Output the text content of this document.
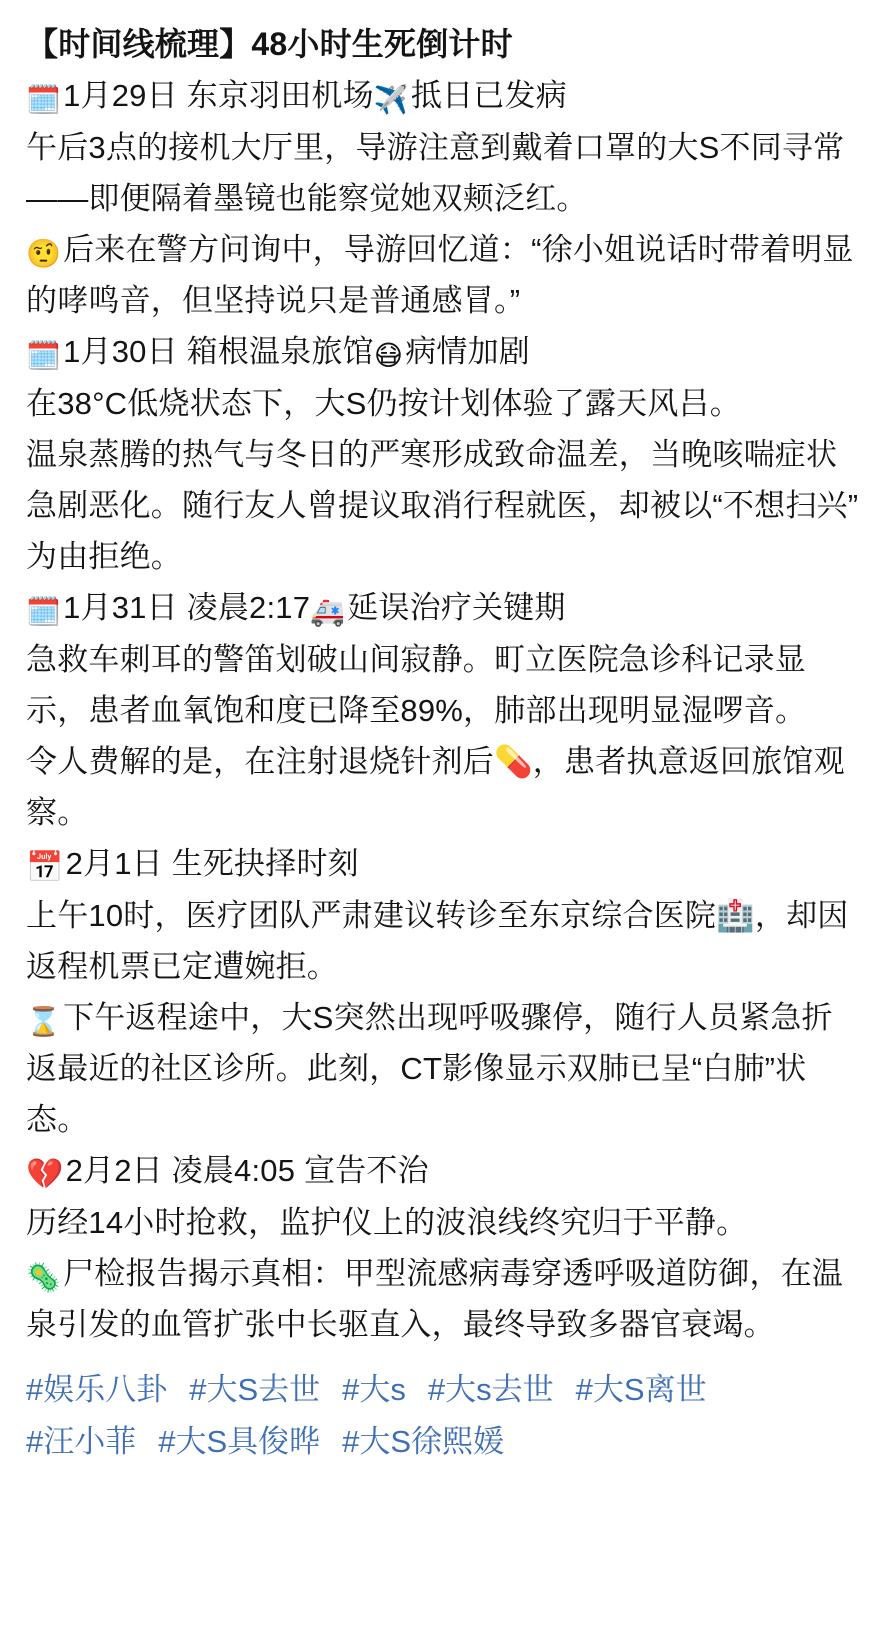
【时间线梳理】48小时生死倒计时
🗓️1月29日 东京羽田机场✈️抵日已发病

午后3点的接机大厅里，导游注意到戴着口罩的大S不同寻常——即便隔着墨镜也能察觉她双颊泛红。

🤨后来在警方问询中，导游回忆道：“徐小姐说话时带着明显的哮鸣音，但坚持说只是普通感冒。”

🗓️1月30日 箱根温泉旅馆😷病情加剧

在38°C低烧状态下，大S仍按计划体验了露天风吕。

温泉蒸腾的热气与冬日的严寒形成致命温差，当晚咳喘症状急剧恶化。随行友人曾提议取消行程就医，却被以“不想扫兴”为由拒绝。

🗓️1月31日 凌晨2:17🚑延误治疗关键期

急救车刺耳的警笛划破山间寂静。町立医院急诊科记录显示，患者血氧饱和度已降至89%，肺部出现明显湿啰音。

令人费解的是，在注射退烧针剂后💊，患者执意返回旅馆观察。

📅2月1日 生死抉择时刻

上午10时，医疗团队严肃建议转诊至东京综合医院🏥，却因返程机票已定遭婉拒。

⌛下午返程途中，大S突然出现呼吸骤停，随行人员紧急折返最近的社区诊所。此刻，CT影像显示双肺已呈“白肺”状态。

💔2月2日 凌晨4:05 宣告不治

历经14小时抢救，监护仪上的波浪线终究归于平静。

🦠尸检报告揭示真相：甲型流感病毒穿透呼吸道防御，在温泉引发的血管扩张中长驱直入，最终导致多器官衰竭。

#娱乐八卦 #大S去世 #大s #大s去世 #大S离世
#汪小菲 #大S具俊晔 #大S徐熙媛
